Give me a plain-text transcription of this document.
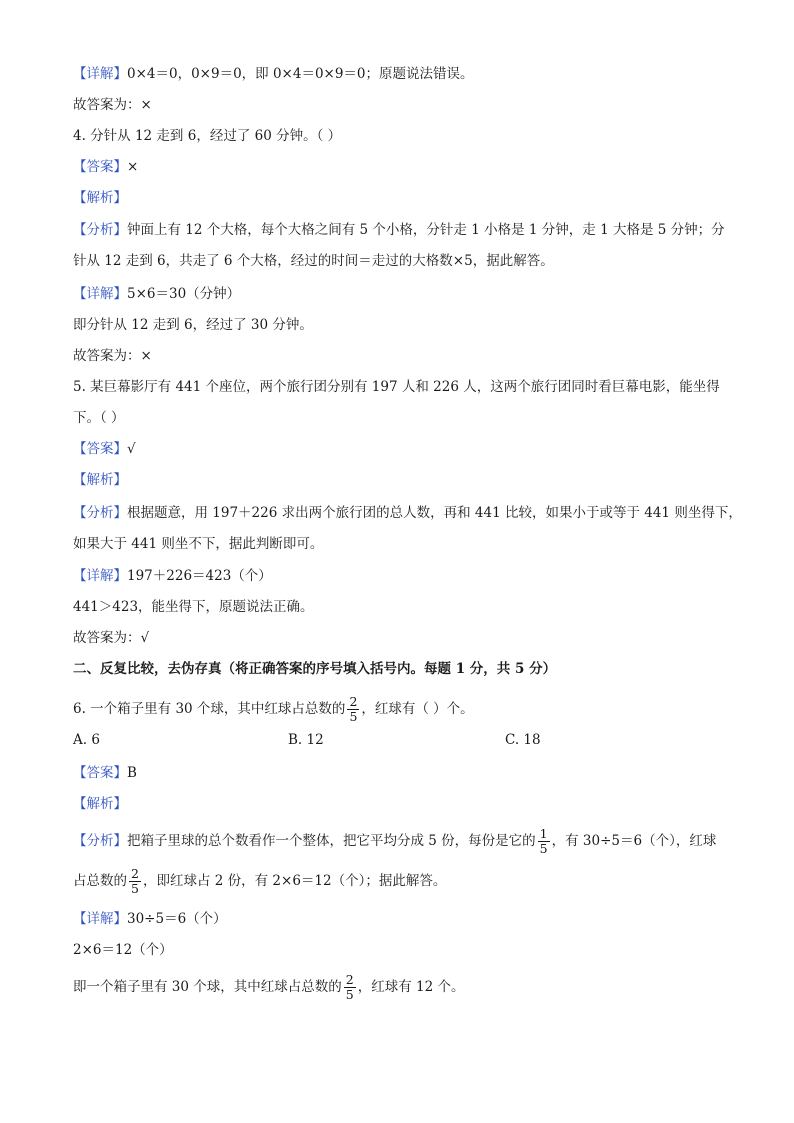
【详解】0×4＝0，0×9＝0，即 0×4＝0×9＝0；原题说法错误。
故答案为：×
4. 分针从 12 走到 6，经过了 60 分钟。（ ）
【答案】×
【解析】
【分析】钟面上有 12 个大格，每个大格之间有 5 个小格，分针走 1 小格是 1 分钟，走 1 大格是 5 分钟；分
针从 12 走到 6，共走了 6 个大格，经过的时间＝走过的大格数×5，据此解答。
【详解】5×6＝30（分钟）
即分针从 12 走到 6，经过了 30 分钟。
故答案为：×
5. 某巨幕影厅有 441 个座位，两个旅行团分别有 197 人和 226 人，这两个旅行团同时看巨幕电影，能坐得
下。（ ）
【答案】√
【解析】
【分析】根据题意，用 197＋226 求出两个旅行团的总人数，再和 441 比较，如果小于或等于 441 则坐得下，
如果大于 441 则坐不下，据此判断即可。
【详解】197＋226＝423（个）
441＞423，能坐得下，原题说法正确。
故答案为：√
二、反复比较，去伪存真（将正确答案的序号填入括号内。每题 1 分，共 5 分）
6. 一个箱子里有 30 个球，其中红球占总数的 $\frac{2}{5}$ ，红球有（ ）个。
A. 6	B. 12	C. 18
【答案】B
【解析】
【分析】把箱子里球的总个数看作一个整体，把它平均分成 5 份，每份是它的 $\frac{1}{5}$ ，有 30÷5＝6（个），红球
占总数的 $\frac{2}{5}$ ，即红球占 2 份，有 2×6＝12（个）；据此解答。
【详解】30÷5＝6（个）
2×6＝12（个）
即一个箱子里有 30 个球，其中红球占总数的 $\frac{2}{5}$ ，红球有 12 个。
